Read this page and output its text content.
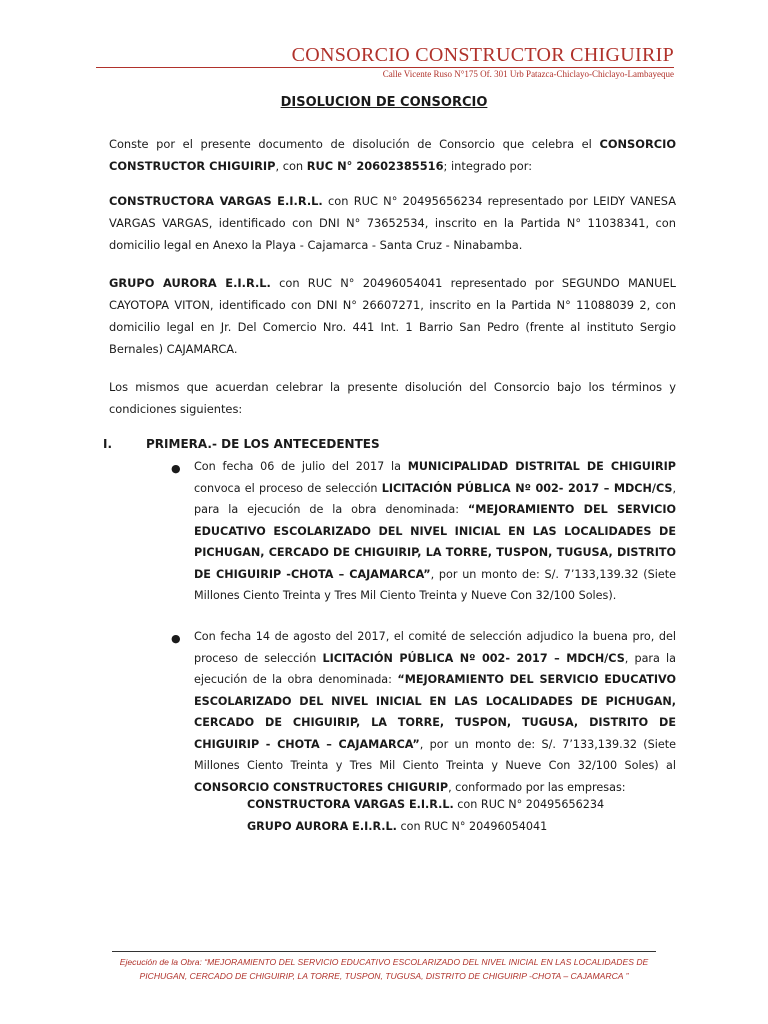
CONSORCIO CONSTRUCTOR CHIGUIRIP
Calle Vicente Ruso N°175 Of. 301 Urb Patazca-Chiclayo-Chiclayo-Lambayeque
DISOLUCION DE CONSORCIO
Conste por el presente documento de disolución de Consorcio que celebra el CONSORCIO CONSTRUCTOR CHIGUIRIP, con RUC N° 20602385516; integrado por:
CONSTRUCTORA VARGAS E.I.R.L. con RUC N° 20495656234 representado por LEIDY VANESA VARGAS VARGAS, identificado con DNI N° 73652534, inscrito en la Partida N° 11038341, con domicilio legal en Anexo la Playa - Cajamarca - Santa Cruz - Ninabamba.
GRUPO AURORA E.I.R.L. con RUC N° 20496054041 representado por SEGUNDO MANUEL CAYOTOPA VITON, identificado con DNI N° 26607271, inscrito en la Partida N° 11088039 2, con domicilio legal en Jr. Del Comercio Nro. 441 Int. 1 Barrio San Pedro (frente al instituto Sergio Bernales) CAJAMARCA.
Los mismos que acuerdan celebrar la presente disolución del Consorcio bajo los términos y condiciones siguientes:
I.	PRIMERA.- DE LOS ANTECEDENTES
● Con fecha 06 de julio del 2017 la MUNICIPALIDAD DISTRITAL DE CHIGUIRIP convoca el proceso de selección LICITACIÓN PÚBLICA Nº 002- 2017 – MDCH/CS, para la ejecución de la obra denominada: “MEJORAMIENTO DEL SERVICIO EDUCATIVO ESCOLARIZADO DEL NIVEL INICIAL EN LAS LOCALIDADES DE PICHUGAN, CERCADO DE CHIGUIRIP, LA TORRE, TUSPON, TUGUSA, DISTRITO DE CHIGUIRIP -CHOTA – CAJAMARCA”, por un monto de: S/. 7’133,139.32 (Siete Millones Ciento Treinta y Tres Mil Ciento Treinta y Nueve Con 32/100 Soles).
● Con fecha 14 de agosto del 2017, el comité de selección adjudico la buena pro, del proceso de selección LICITACIÓN PÚBLICA Nº 002- 2017 – MDCH/CS, para la ejecución de la obra denominada: “MEJORAMIENTO DEL SERVICIO EDUCATIVO ESCOLARIZADO DEL NIVEL INICIAL EN LAS LOCALIDADES DE PICHUGAN, CERCADO DE CHIGUIRIP, LA TORRE, TUSPON, TUGUSA, DISTRITO DE CHIGUIRIP - CHOTA – CAJAMARCA”, por un monto de: S/. 7’133,139.32 (Siete Millones Ciento Treinta y Tres Mil Ciento Treinta y Nueve Con 32/100 Soles) al CONSORCIO CONSTRUCTORES CHIGURIP, conformado por las empresas:
CONSTRUCTORA VARGAS E.I.R.L. con RUC N° 20495656234
GRUPO AURORA E.I.R.L. con RUC N° 20496054041
Ejecución de la Obra: “MEJORAMIENTO DEL SERVICIO EDUCATIVO ESCOLARIZADO DEL NIVEL INICIAL EN LAS LOCALIDADES DE PICHUGAN, CERCADO DE CHIGUIRIP, LA TORRE, TUSPON, TUGUSA, DISTRITO DE CHIGUIRIP -CHOTA – CAJAMARCA ”
